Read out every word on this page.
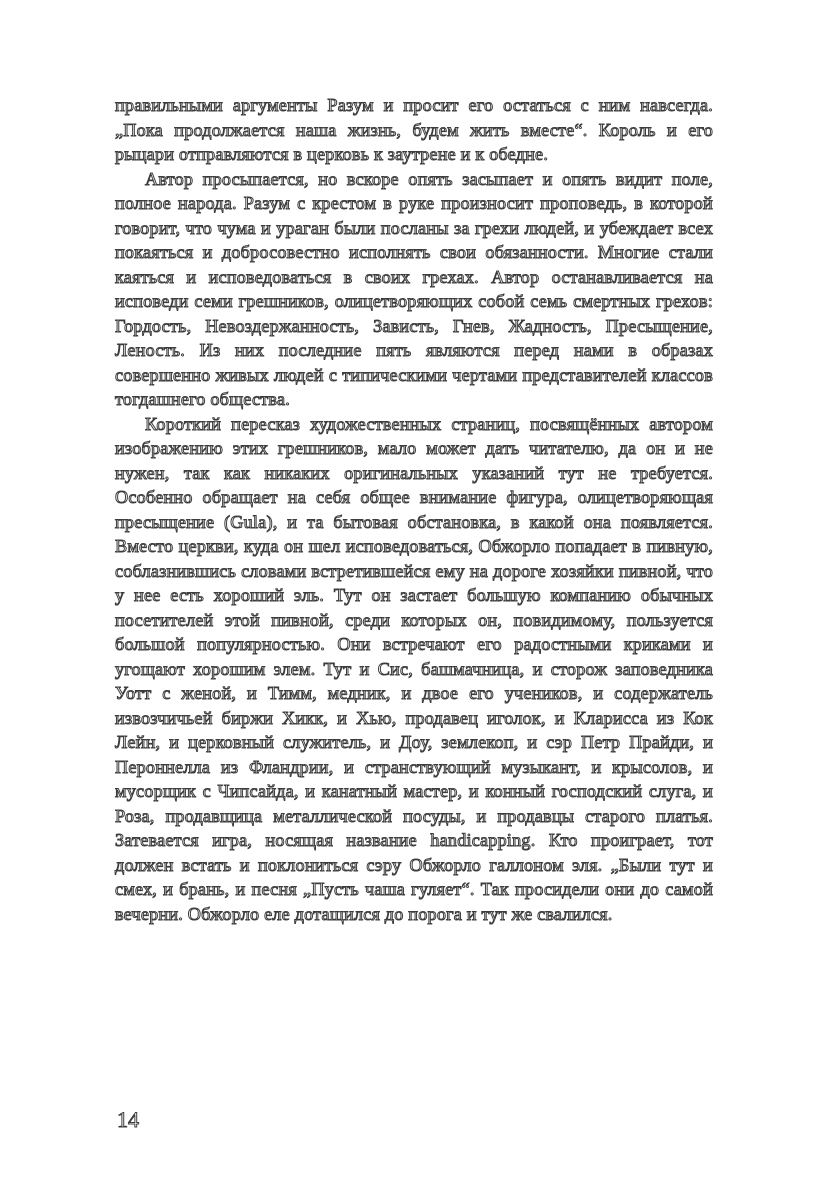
правильными аргументы Разум и просит его остаться с ним навсегда. „Пока продолжается наша жизнь, будем жить вместе“. Король и его рыцари отправляются в церковь к заутрене и к обедне.

Автор просыпается, но вскоре опять засыпает и опять видит поле, полное народа. Разум с крестом в руке произносит проповедь, в которой говорит, что чума и ураган были посланы за грехи людей, и убеждает всех покаяться и добросовестно исполнять свои обязанности. Многие стали каяться и исповедоваться в своих грехах. Автор останавливается на исповеди семи грешников, олицетворяющих собой семь смертных грехов: Гордость, Невоздержанность, Зависть, Гнев, Жадность, Пресыщение, Леность. Из них последние пять являются перед нами в образах совершенно живых людей с типическими чертами представителей классов тогдашнего общества.

Короткий пересказ художественных страниц, посвящённых автором изображению этих грешников, мало может дать читателю, да он и не нужен, так как никаких оригинальных указаний тут не требуется. Особенно обращает на себя общее внимание фигура, олицетворяющая пресыщение (Gula), и та бытовая обстановка, в какой она появляется. Вместо церкви, куда он шел исповедоваться, Обжорло попадает в пивную, соблазнившись словами встретившейся ему на дороге хозяйки пивной, что у нее есть хороший эль. Тут он застает большую компанию обычных посетителей этой пивной, среди которых он, повидимому, пользуется большой популярностью. Они встречают его радостными криками и угощают хорошим элем. Тут и Сис, башмачница, и сторож заповедника Уотт с женой, и Тимм, медник, и двое его учеников, и содержатель извозчичьей биржи Хикк, и Хью, продавец иголок, и Кларисса из Кок Лейн, и церковный служитель, и Доу, землекоп, и сэр Петр Прайди, и Пероннелла из Фландрии, и странствующий музыкант, и крысолов, и мусорщик с Чипсайда, и канатный мастер, и конный господский слуга, и Роза, продавщица металлической посуды, и продавцы старого платья. Затевается игра, носящая название handicapping. Кто проиграет, тот должен встать и поклониться сэру Обжорло галлоном эля. „Были тут и смех, и брань, и песня „Пусть чаша гуляет“. Так просидели они до самой вечерни. Обжорло еле дотащился до порога и тут же свалился.

14
